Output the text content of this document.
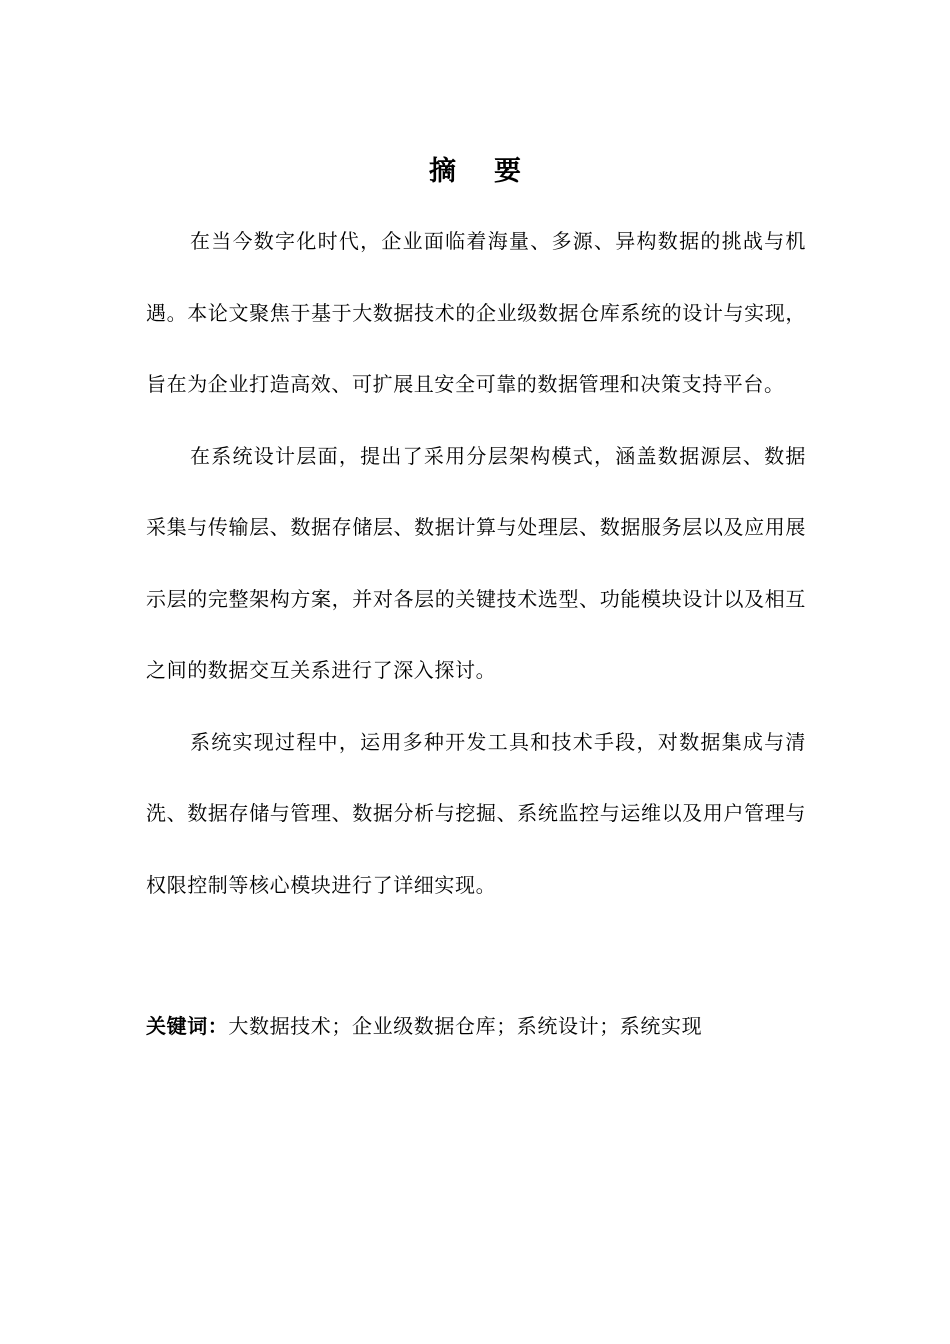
摘要

在当今数字化时代，企业面临着海量、多源、异构数据的挑战与机遇。本论文聚焦于基于大数据技术的企业级数据仓库系统的设计与实现，旨在为企业打造高效、可扩展且安全可靠的数据管理和决策支持平台。

在系统设计层面，提出了采用分层架构模式，涵盖数据源层、数据采集与传输层、数据存储层、数据计算与处理层、数据服务层以及应用展示层的完整架构方案，并对各层的关键技术选型、功能模块设计以及相互之间的数据交互关系进行了深入探讨。

系统实现过程中，运用多种开发工具和技术手段，对数据集成与清洗、数据存储与管理、数据分析与挖掘、系统监控与运维以及用户管理与权限控制等核心模块进行了详细实现。

关键词：大数据技术；企业级数据仓库；系统设计；系统实现
